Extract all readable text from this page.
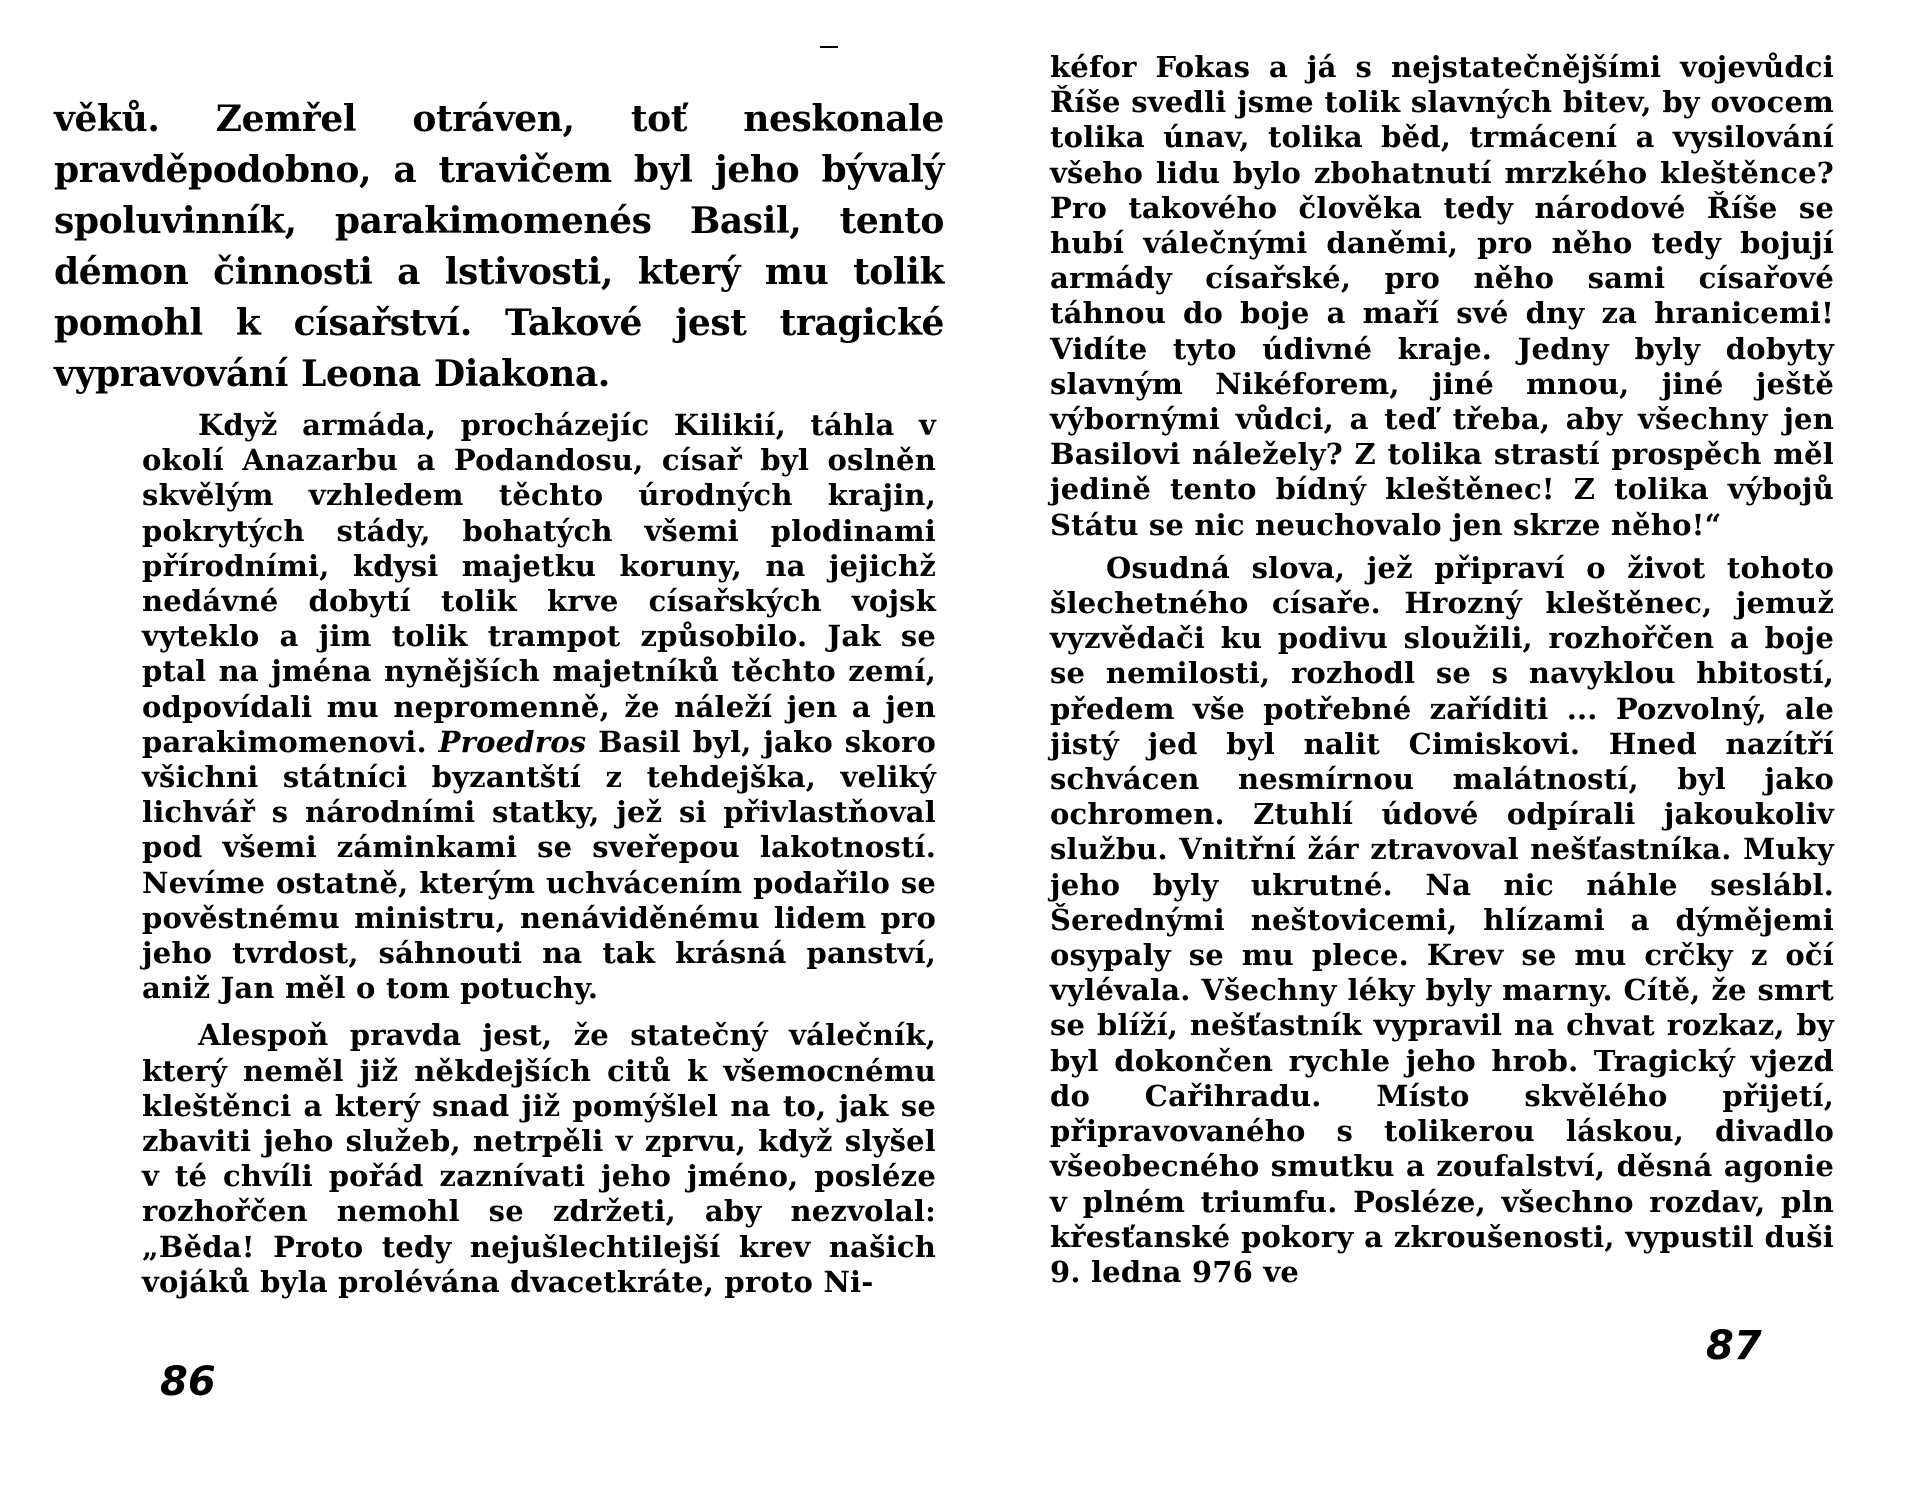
věků. Zemřel otráven, toť neskonale pravděpodobno, a travičem byl jeho bývalý spoluvinník, parakimomenés Basil, tento démon činnosti a lstivosti, který mu tolik pomohl k císařství. Takové jest tragické vypravování Leona Diakona.

Když armáda, procházejíc Kilikií, táhla v okolí Anazarbu a Podandosu, císař byl oslněn skvělým vzhledem těchto úrodných krajin, pokrytých stády, bohatých všemi plodinami přírodními, kdysi majetku koruny, na jejichž nedávné dobytí tolik krve císařských vojsk vyteklo a jim tolik trampot způsobilo. Jak se ptal na jména nynějších majetníků těchto zemí, odpovídali mu nepromenně, že náleží jen a jen parakimomenovi. Proedros Basil byl, jako skoro všichni státníci byzantští z tehdejška, veliký lichvář s národními statky, jež si přivlastňoval pod všemi záminkami se sveřepou lakotností. Nevíme ostatně, kterým uchvácením podařilo se pověstnému ministru, nenáviděnému lidem pro jeho tvrdost, sáhnouti na tak krásná panství, aniž Jan měl o tom potuchy.

Alespoň pravda jest, že statečný válečník, který neměl již někdejších citů k všemocnému kleštěnci a který snad již pomýšlel na to, jak se zbaviti jeho služeb, netrpěli v zprvu, když slyšel v té chvíli pořád zaznívati jeho jméno, posléze rozhořčen nemohl se zdržeti, aby nezvolal: „Běda! Proto tedy nejušlechtilejší krev našich vojáků byla prolévána dvacetkráte, proto Ni-

86

kéfor Fokas a já s nejstatečnějšími vojevůdci Říše svedli jsme tolik slavných bitev, by ovocem tolika únav, tolika běd, trmácení a vysilování všeho lidu bylo zbohatnutí mrzkého kleštěnce? Pro takového člověka tedy národové Říše se hubí válečnými daněmi, pro něho tedy bojují armády císařské, pro něho sami císařové táhnou do boje a maří své dny za hranicemi! Vidíte tyto údivné kraje. Jedny byly dobyty slavným Nikéforem, jiné mnou, jiné ještě výbornými vůdci, a teď třeba, aby všechny jen Basilovi náležely? Z tolika strastí prospěch měl jedině tento bídný kleštěnec! Z tolika výbojů Státu se nic neuchovalo jen skrze něho!“

Osudná slova, jež připraví o život tohoto šlechetného císaře. Hrozný kleštěnec, jemuž vyzvědači ku podivu sloužili, rozhořčen a boje se nemilosti, rozhodl se s navyklou hbitostí, předem vše potřebné zaříditi ... Pozvolný, ale jistý jed byl nalit Cimiskovi. Hned nazítří schvácen nesmírnou malátností, byl jako ochromen. Ztuhlí údové odpírali jakoukoliv službu. Vnitřní žár ztravoval nešťastníka. Muky jeho byly ukrutné. Na nic náhle seslábl. Šerednými neštovicemi, hlízami a dýmějemi osypaly se mu plece. Krev se mu crčky z očí vylévala. Všechny léky byly marny. Cítě, že smrt se blíží, nešťastník vypravil na chvat rozkaz, by byl dokončen rychle jeho hrob. Tragický vjezd do Cařihradu. Místo skvělého přijetí, připravovaného s tolikerou láskou, divadlo všeobecného smutku a zoufalství, děsná agonie v plném triumfu. Posléze, všechno rozdav, pln křesťanské pokory a zkroušenosti, vypustil duši 9. ledna 976 ve

87
